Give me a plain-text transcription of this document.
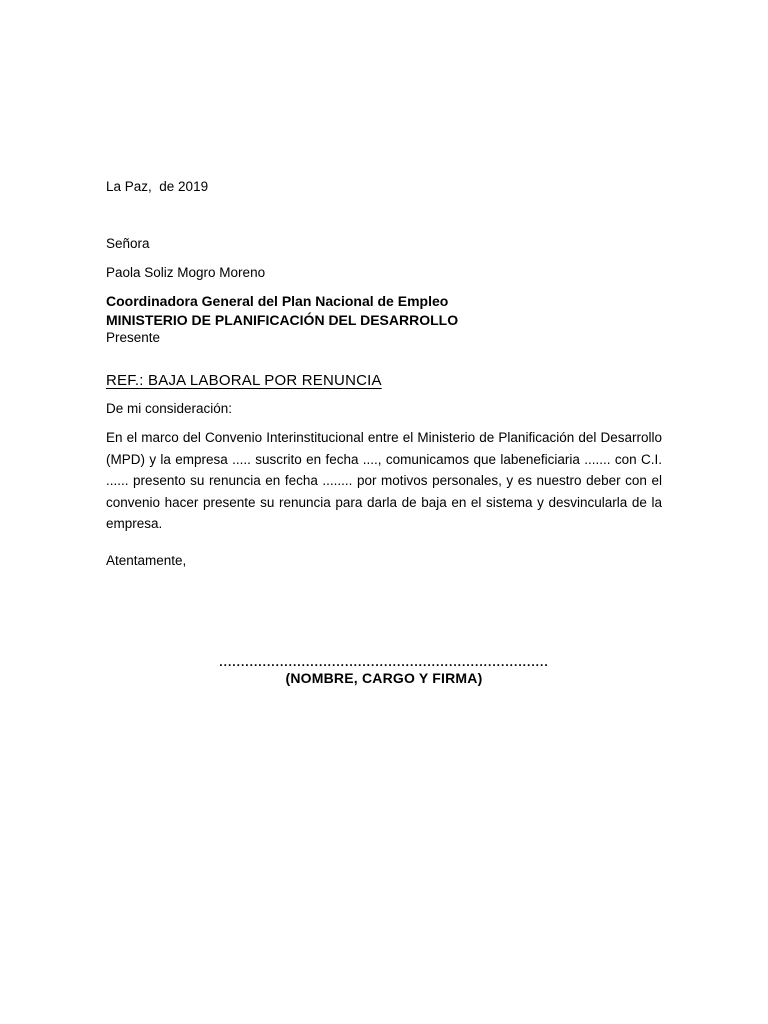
La Paz,  de 2019
Señora
Paola Soliz Mogro Moreno
Coordinadora General del Plan Nacional de Empleo
MINISTERIO DE PLANIFICACIÓN DEL DESARROLLO
Presente
REF.: BAJA LABORAL POR RENUNCIA
De mi consideración:
En el marco del Convenio Interinstitucional entre el Ministerio de Planificación del Desarrollo (MPD) y la empresa ..... suscrito en fecha ...., comunicamos que labeneficiaria ....... con C.I. ...... presento su renuncia en fecha ........ por motivos personales, y es nuestro deber con el convenio hacer presente su renuncia para darla de baja en el sistema y desvincularla de la empresa.
Atentamente,
............................................................................
(NOMBRE, CARGO Y FIRMA)
